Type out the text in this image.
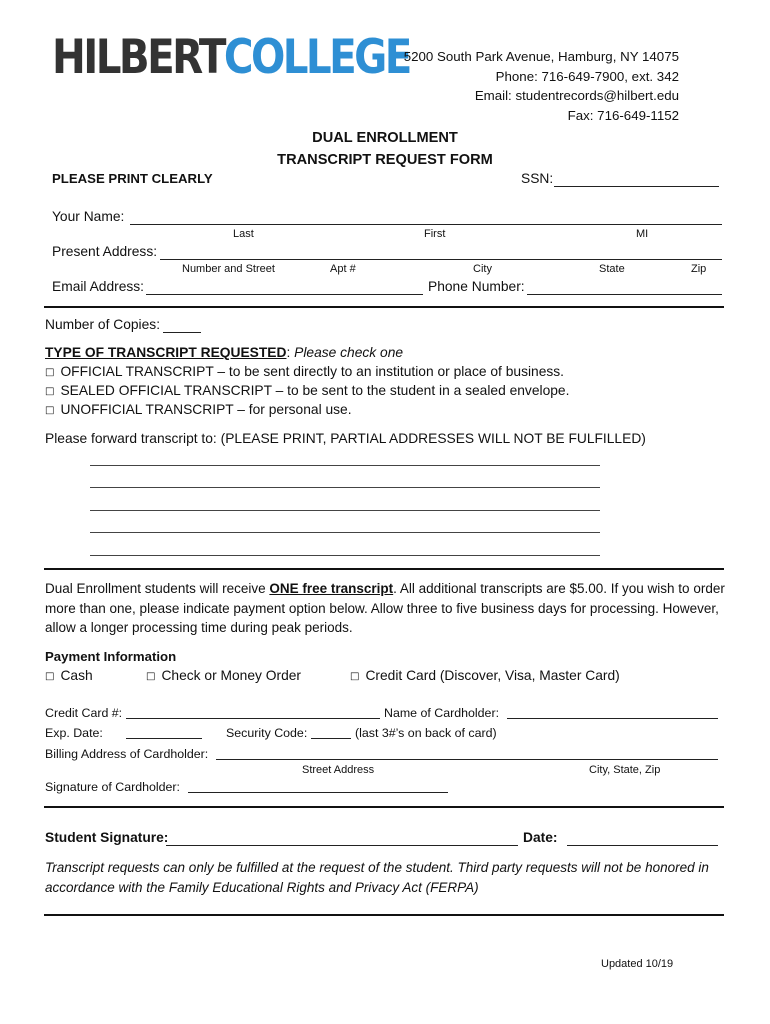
HILBERTCOLLEGE
5200 South Park Avenue, Hamburg, NY 14075
Phone: 716-649-7900, ext. 342
Email: studentrecords@hilbert.edu
Fax: 716-649-1152
DUAL ENROLLMENT
TRANSCRIPT REQUEST FORM
PLEASE PRINT CLEARLY	SSN:
Your Name:
Last	First	MI
Present Address:
Number and Street	Apt #	City	State	Zip
Email Address:	Phone Number:
Number of Copies:
TYPE OF TRANSCRIPT REQUESTED: Please check one
□ OFFICIAL TRANSCRIPT – to be sent directly to an institution or place of business.
□ SEALED OFFICIAL TRANSCRIPT – to be sent to the student in a sealed envelope.
□ UNOFFICIAL TRANSCRIPT – for personal use.
Please forward transcript to: (PLEASE PRINT, PARTIAL ADDRESSES WILL NOT BE FULFILLED)
Dual Enrollment students will receive ONE free transcript. All additional transcripts are $5.00. If you wish to order more than one, please indicate payment option below. Allow three to five business days for processing. However, allow a longer processing time during peak periods.
Payment Information
□ Cash	□ Check or Money Order	□ Credit Card (Discover, Visa, Master Card)
Credit Card #:	Name of Cardholder:
Exp. Date:	Security Code:	(last 3#’s on back of card)
Billing Address of Cardholder:
Street Address	City, State, Zip
Signature of Cardholder:
Student Signature:	Date:
Transcript requests can only be fulfilled at the request of the student. Third party requests will not be honored in accordance with the Family Educational Rights and Privacy Act (FERPA)
Updated 10/19
